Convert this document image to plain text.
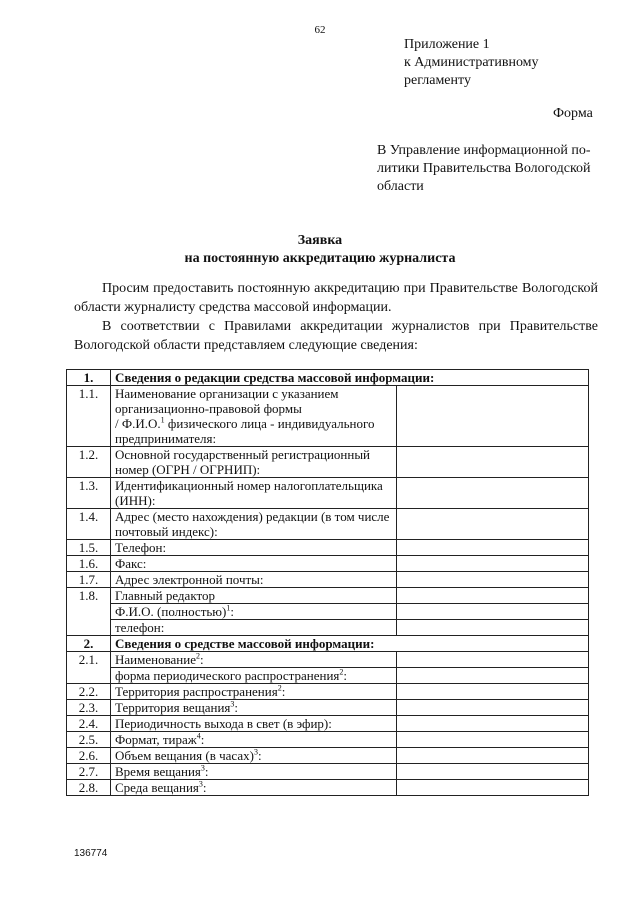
62
Приложение 1
к Административному
регламенту
Форма
В Управление информационной по-литики Правительства Вологодской области
Заявка
на постоянную аккредитацию журналиста
Просим предоставить постоянную аккредитацию при Правительстве Вологодской области журналисту средства массовой информации.
В соответствии с Правилами аккредитации журналистов при Правительстве Вологодской области представляем следующие сведения:
1.	Сведения о редакции средства массовой информации:	
1.1.	Наименование организации с указанием организационно-правовой формы
/ Ф.И.О.$^1$ физического лица - индивидуального предпринимателя:	
1.2.	Основной государственный регистрационный номер (ОГРН / ОГРНИП):	
1.3.	Идентификационный номер налогоплательщика (ИНН):	
1.4.	Адрес (место нахождения) редакции (в том числе почтовый индекс):	
1.5.	Телефон:	
1.6.	Факс:	
1.7.	Адрес электронной почты:	
1.8.	Главный редактор	
	Ф.И.О. (полностью)$^1$:	
	телефон:	
2.	Сведения о средстве массовой информации:	
2.1.	Наименование$^2$:	
	форма периодического распространения$^2$:	
2.2.	Территория распространения$^2$:	
2.3.	Территория вещания$^3$:	
2.4.	Периодичность выхода в свет (в эфир):	
2.5.	Формат, тираж$^4$:	
2.6.	Объем вещания (в часах)$^3$:	
2.7.	Время вещания$^3$:	
2.8.	Среда вещания$^3$:	
136774
